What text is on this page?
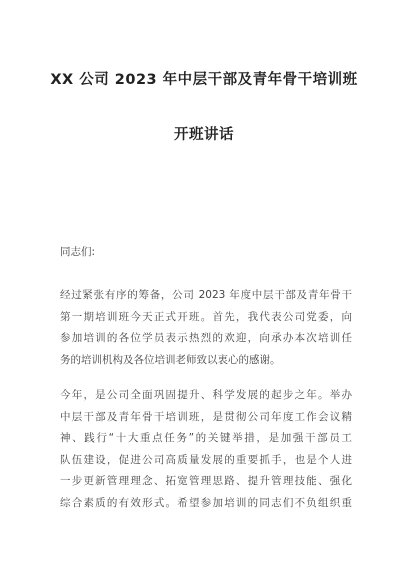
XX 公司 2023 年中层干部及青年骨干培训班
开班讲话
同志们:
经过紧张有序的筹备，公司 2023 年度中层干部及青年骨干
第一期培训班今天正式开班。首先，我代表公司党委，向
参加培训的各位学员表示热烈的欢迎，向承办本次培训任
务的培训机构及各位培训老师致以衷心的感谢。
今年，是公司全面巩固提升、科学发展的起步之年。举办
中层干部及青年骨干培训班，是贯彻公司年度工作会议精
神、践行“十大重点任务”的关键举措，是加强干部员工
队伍建设，促进公司高质量发展的重要抓手，也是个人进
一步更新管理理念、拓宽管理思路、提升管理技能、强化
综合素质的有效形式。希望参加培训的同志们不负组织重
